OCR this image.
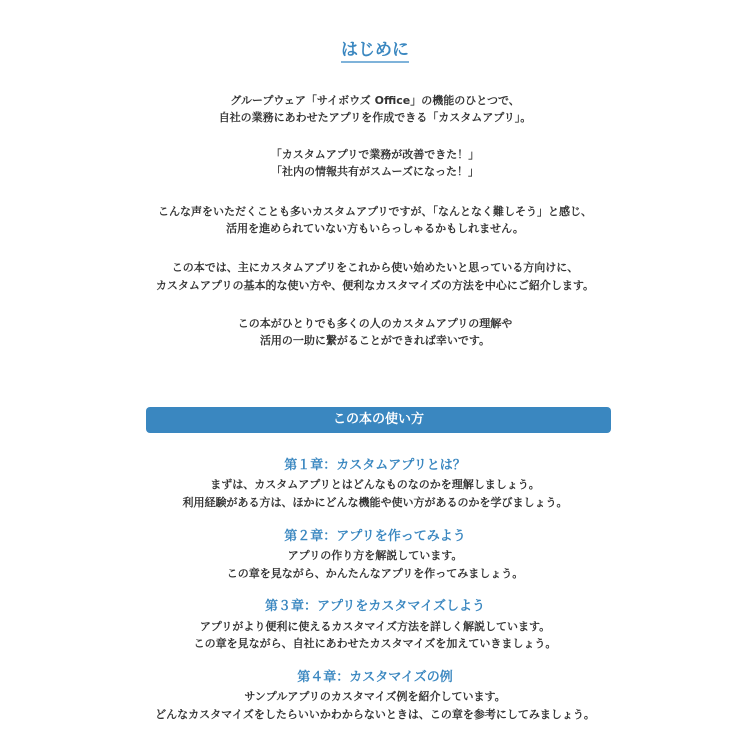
はじめに
グループウェア「サイボウズ Office」の機能のひとつで、
自社の業務にあわせたアプリを作成できる「カスタムアプリ」。
「カスタムアプリで業務が改善できた！」
「社内の情報共有がスムーズになった！」
こんな声をいただくことも多いカスタムアプリですが、「なんとなく難しそう」と感じ、
活用を進められていない方もいらっしゃるかもしれません。
この本では、主にカスタムアプリをこれから使い始めたいと思っている方向けに、
カスタムアプリの基本的な使い方や、便利なカスタマイズの方法を中心にご紹介します。
この本がひとりでも多くの人のカスタムアプリの理解や
活用の一助に繋がることができれば幸いです。
この本の使い方
第１章：カスタムアプリとは？
まずは、カスタムアプリとはどんなものなのかを理解しましょう。
利用経験がある方は、ほかにどんな機能や使い方があるのかを学びましょう。
第２章：アプリを作ってみよう
アプリの作り方を解説しています。
この章を見ながら、かんたんなアプリを作ってみましょう。
第３章：アプリをカスタマイズしよう
アプリがより便利に使えるカスタマイズ方法を詳しく解説しています。
この章を見ながら、自社にあわせたカスタマイズを加えていきましょう。
第４章：カスタマイズの例
サンプルアプリのカスタマイズ例を紹介しています。
どんなカスタマイズをしたらいいかわからないときは、この章を参考にしてみましょう。
